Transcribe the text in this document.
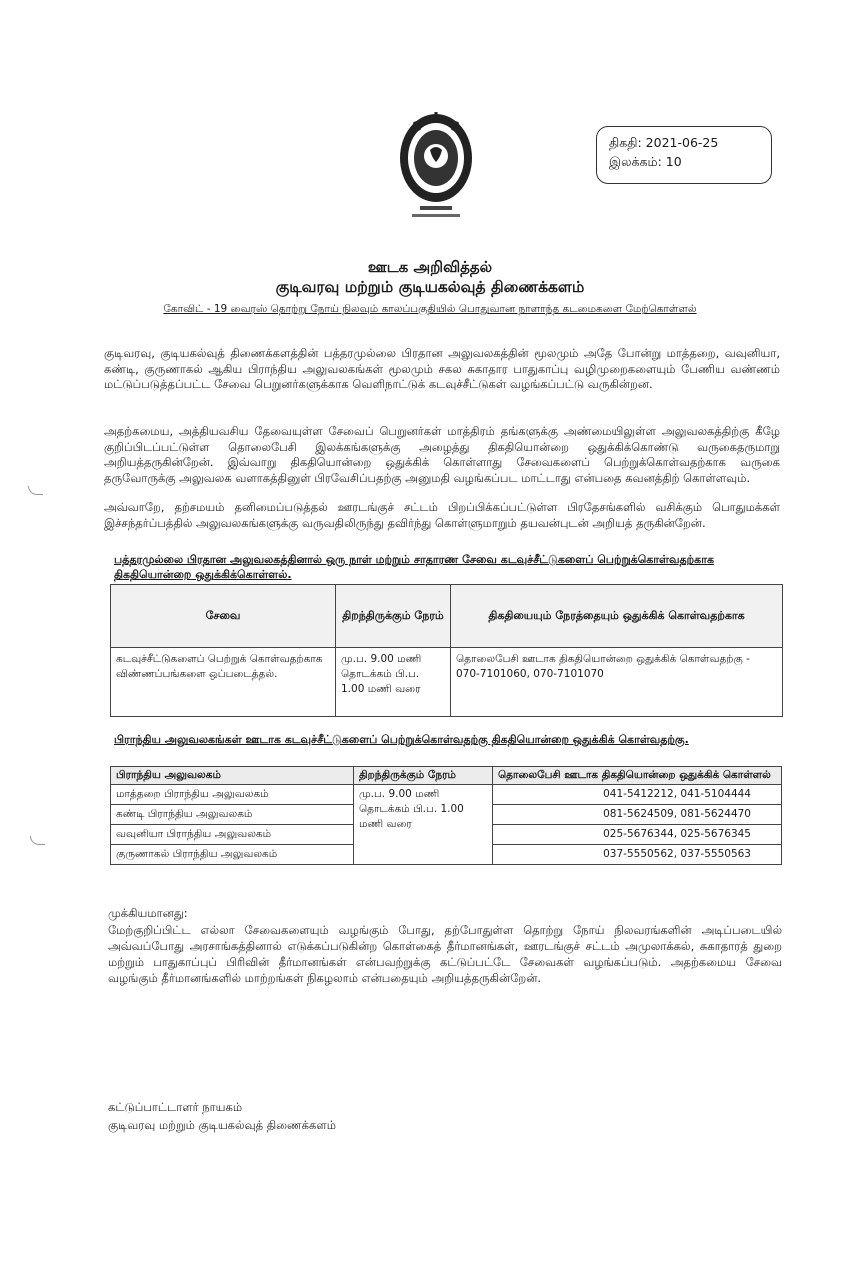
திகதி: 2021-06-25
இலக்கம்: 10
ஊடக அறிவித்தல்
குடிவரவு மற்றும் குடியகல்வுத் திணைக்களம்
கோவிட் - 19 வைரஸ் தொற்று நோய் நிலவும் காலப்பகுதியில் பொதுவான நாளாந்த கடமைகளை மேற்கொள்ளல்
குடிவரவு, குடியகல்வுத் திணைக்களத்தின் பத்தரமுல்லை பிரதான அலுவலகத்தின் மூலமும் அதே போன்று மாத்தறை, வவுனியா, கண்டி, குருணாகல் ஆகிய பிராந்திய அலுவலகங்கள் மூலமும் சகல சுகாதார பாதுகாப்பு வழிமுறைகளையும் பேணிய வண்ணம் மட்டுப்படுத்தப்பட்ட சேவை பெறுனர்களுக்காக வெளிநாட்டுக் கடவுச்சீட்டுகள் வழங்கப்பட்டு வருகின்றன.
அதற்கமைய, அத்தியவசிய தேவையுள்ள சேவைப் பெறுனர்கள் மாத்திரம் தங்களுக்கு அண்மையிலுள்ள அலுவலகத்திற்கு கீழே குறிப்பிடப்பட்டுள்ள தொலைபேசி இலக்கங்களுக்கு அழைத்து திகதியொன்றை ஒதுக்கிக்கொண்டு வருகைதருமாறு அறியத்தருகின்றேன். இவ்வாறு திகதியொன்றை ஒதுக்கிக் கொள்ளாது சேவைகளைப் பெற்றுக்கொள்வதற்காக வருகை தருவோருக்கு அலுவலக வளாகத்தினுள் பிரவேசிப்பதற்கு அனுமதி வழங்கப்பட மாட்டாது என்பதை கவனத்திற் கொள்ளவும்.
அவ்வாறே, தற்சமயம் தனிமைப்படுத்தல் ஊரடங்குச் சட்டம் பிறப்பிக்கப்பட்டுள்ள பிரதேசங்களில் வசிக்கும் பொதுமக்கள் இச்சந்தர்ப்பத்தில் அலுவலகங்களுக்கு வருவதிலிருந்து தவிர்ந்து கொள்ளுமாறும் தயவன்புடன் அறியத் தருகின்றேன்.
பத்தரமுல்லை பிரதான அலுவலகத்தினால் ஒரு நாள் மற்றும் சாதாரண சேவை கடவுச்சீட்டுகளைப் பெற்றுக்கொள்வதற்காக திகதியொன்றை ஒதுக்கிக்கொள்ளல்.
சேவை	திறந்திருக்கும் நேரம்	திகதியையும் நேரத்தையும் ஒதுக்கிக் கொள்வதற்காக
கடவுச்சீட்டுகளைப் பெற்றுக் கொள்வதற்காக விண்ணப்பங்களை ஒப்படைத்தல்.	மு.ப. 9.00 மணி தொடக்கம் பி.ப. 1.00 மணி வரை	தொலைபேசி ஊடாக திகதியொன்றை ஒதுக்கிக் கொள்வதற்கு -
070-7101060, 070-7101070
பிராந்திய அலுவலகங்கள் ஊடாக கடவுச்சீட்டுகளைப் பெற்றுக்கொள்வதற்கு திகதியொன்றை ஒதுக்கிக் கொள்வதற்கு.
பிராந்திய அலுவலகம்	திறந்திருக்கும் நேரம்	தொலைபேசி ஊடாக திகதியொன்றை ஒதுக்கிக் கொள்ளல்
மாத்தறை பிராந்திய அலுவலகம்	மு.ப. 9.00 மணி தொடக்கம் பி.ப. 1.00 மணி வரை	041-5412212, 041-5104444
கண்டி பிராந்திய அலுவலகம்		081-5624509, 081-5624470
வவுனியா பிராந்திய அலுவலகம்		025-5676344, 025-5676345
குருணாகல் பிராந்திய அலுவலகம்		037-5550562, 037-5550563
முக்கியமானது:
மேற்குறிப்பிட்ட எல்லா சேவைகளையும் வழங்கும் போது, தற்போதுள்ள தொற்று நோய் நிலவரங்களின் அடிப்படையில் அவ்வப்போது அரசாங்கத்தினால் எடுக்கப்படுகின்ற கொள்கைத் தீர்மானங்கள், ஊரடங்குச் சட்டம் அமுலாக்கல், சுகாதாரத் துறை மற்றும் பாதுகாப்புப் பிரிவின் தீர்மானங்கள் என்பவற்றுக்கு கட்டுப்பட்டே சேவைகள் வழங்கப்படும். அதற்கமைய சேவை வழங்கும் தீர்மானங்களில் மாற்றங்கள் நிகழலாம் என்பதையும் அறியத்தருகின்றேன்.
கட்டுப்பாட்டாளர் நாயகம்
குடிவரவு மற்றும் குடியகல்வுத் திணைக்களம்
